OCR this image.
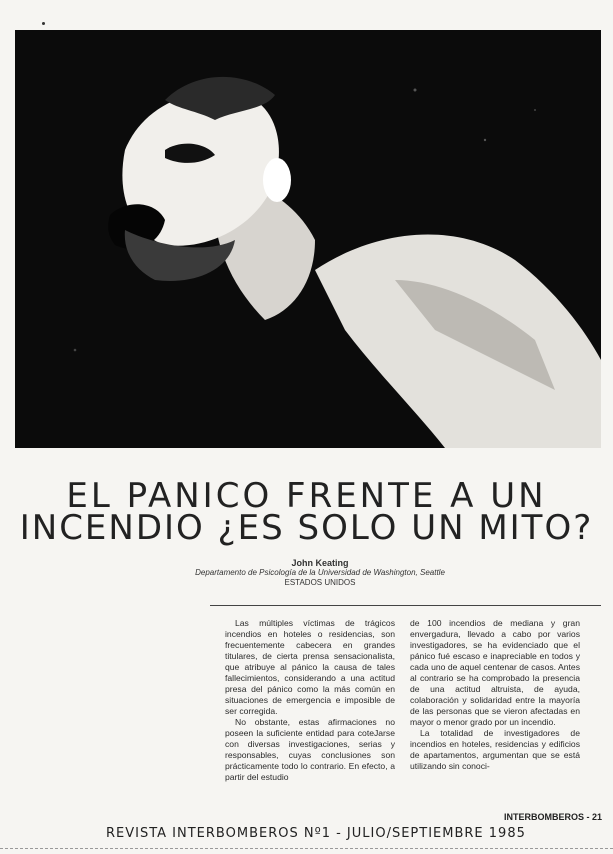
EL PANICO FRENTE A UN
INCENDIO ¿ES SOLO UN MITO?
John Keating
Departamento de Psicología de la Universidad de Washington, Seattle
ESTADOS UNIDOS

Las múltiples víctimas de trágicos incendios en hoteles o residencias, son frecuentemente cabecera en grandes titulares, de cierta prensa sensacionalista, que atribuye al pánico la causa de tales fallecimientos, considerando a una actitud presa del pánico como la más común en situaciones de emergencia e imposible de ser corregida.

No obstante, estas afirmaciones no poseen la suficiente entidad para coteJarse con diversas investigaciones, serias y responsables, cuyas conclusiones son prácticamente todo lo contrario. En efecto, a partir del estudio

de 100 incendios de mediana y gran envergadura, llevado a cabo por varios investigadores, se ha evidenciado que el pánico fué escaso e inapreciable en todos y cada uno de aquel centenar de casos. Antes al contrario se ha comprobado la presencia de una actitud altruista, de ayuda, colaboración y solidaridad entre la mayoría de las personas que se vieron afectadas en mayor o menor grado por un incendio.

La totalidad de investigadores de incendios en hoteles, residencias y edificios de apartamentos, argumentan que se está utilizando sin conoci-

INTERBOMBEROS - 21
REVISTA INTERBOMBEROS Nº1 - JULIO/SEPTIEMBRE 1985
